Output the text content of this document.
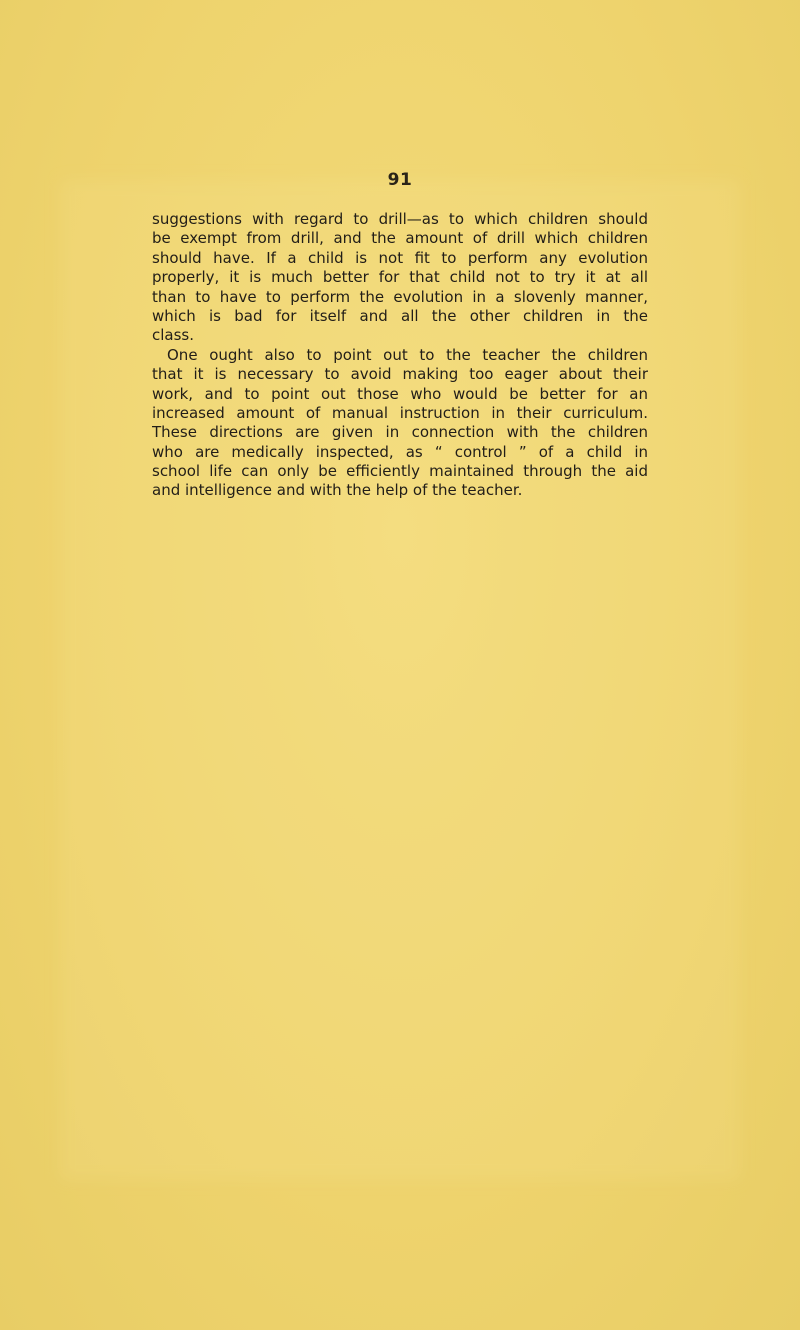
91

suggestions with regard to drill—as to which children should
be exempt from drill, and the amount of drill which children
should have. If a child is not fit to perform any evolution
properly, it is much better for that child not to try it at all
than to have to perform the evolution in a slovenly manner,
which is bad for itself and all the other children in the
class.

One ought also to point out to the teacher the children
that it is necessary to avoid making too eager about their
work, and to point out those who would be better for an
increased amount of manual instruction in their curriculum.
These directions are given in connection with the children
who are medically inspected, as “ control ” of a child in
school life can only be efficiently maintained through the aid
and intelligence and with the help of the teacher.
